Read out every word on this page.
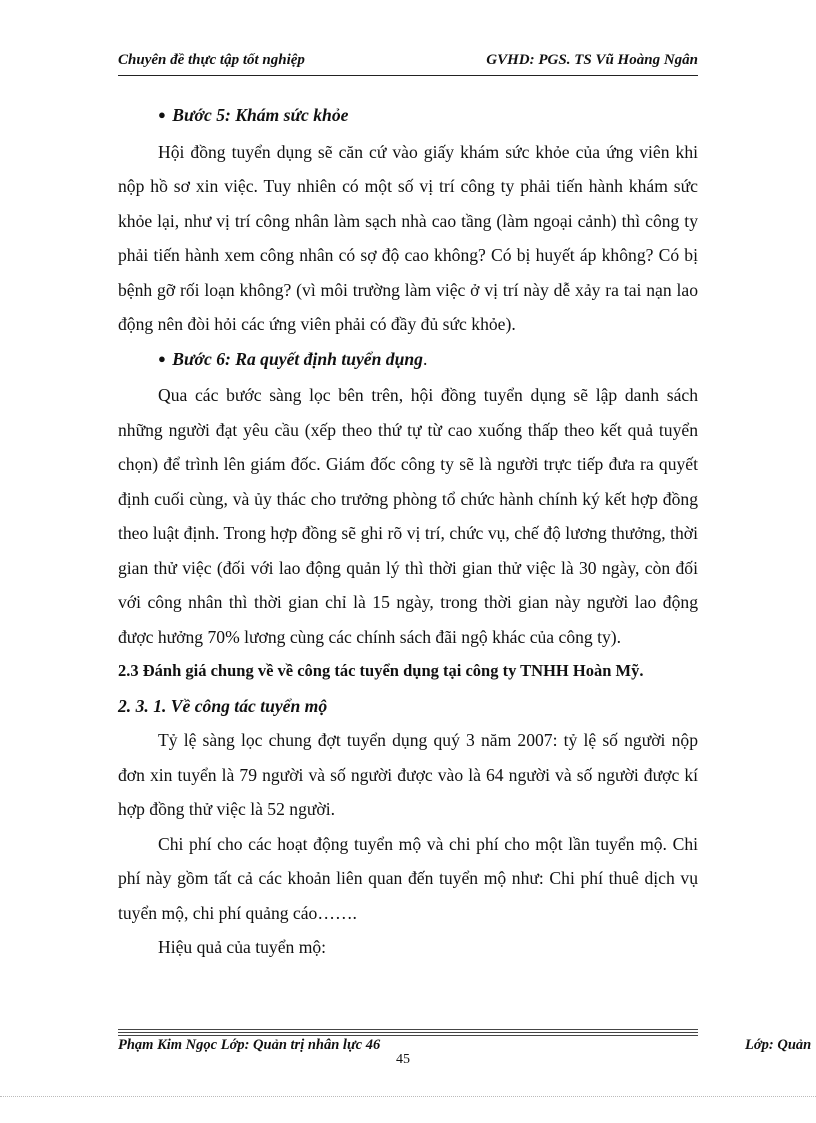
Chuyên đề thực tập tốt nghiệp	GVHD: PGS. TS Vũ Hoàng Ngân
● Bước 5: Khám sức khỏe

Hội đồng tuyển dụng sẽ căn cứ vào giấy khám sức khỏe của ứng viên khi nộp hồ sơ xin việc. Tuy nhiên có một số vị trí công ty phải tiến hành khám sức khỏe lại, như vị trí công nhân làm sạch nhà cao tầng (làm ngoại cảnh) thì công ty phải tiến hành xem công nhân có sợ độ cao không? Có bị huyết áp không? Có bị bệnh gỡ rối loạn không? (vì môi trường làm việc ở vị trí này dễ xảy ra tai nạn lao động nên đòi hỏi các ứng viên phải có đầy đủ sức khỏe).

● Bước 6: Ra quyết định tuyển dụng.

Qua các bước sàng lọc bên trên, hội đồng tuyển dụng sẽ lập danh sách những người đạt yêu cầu (xếp theo thứ tự từ cao xuống thấp theo kết quả tuyển chọn) để trình lên giám đốc. Giám đốc công ty sẽ là người trực tiếp đưa ra quyết định cuối cùng, và ủy thác cho trưởng phòng tổ chức hành chính ký kết hợp đồng theo luật định. Trong hợp đồng sẽ ghi rõ vị trí, chức vụ, chế độ lương thưởng, thời gian thử việc (đối với lao động quản lý thì thời gian thử việc là 30 ngày, còn đối với công nhân thì thời gian chỉ là 15 ngày, trong thời gian này người lao động được hưởng 70% lương cùng các chính sách đãi ngộ khác của công ty).

2.3 Đánh giá chung về về công tác tuyển dụng tại công ty TNHH Hoàn Mỹ.
2. 3. 1. Về công tác tuyển mộ

Tỷ lệ sàng lọc chung đợt tuyển dụng quý 3 năm 2007: tỷ lệ số người nộp đơn xin tuyển là 79 người và số người được vào là 64 người và số người được kí hợp đồng thử việc là 52 người.

Chi phí cho các hoạt động tuyển mộ và chi phí cho một lần tuyển mộ. Chi phí này gồm tất cả các khoản liên quan đến tuyển mộ như: Chi phí thuê dịch vụ tuyển mộ, chi phí quảng cáo…….

Hiệu quả của tuyển mộ:

Phạm Kim Ngọc Lớp: Quản trị nhân lực 46	Lớp: Quản
45
